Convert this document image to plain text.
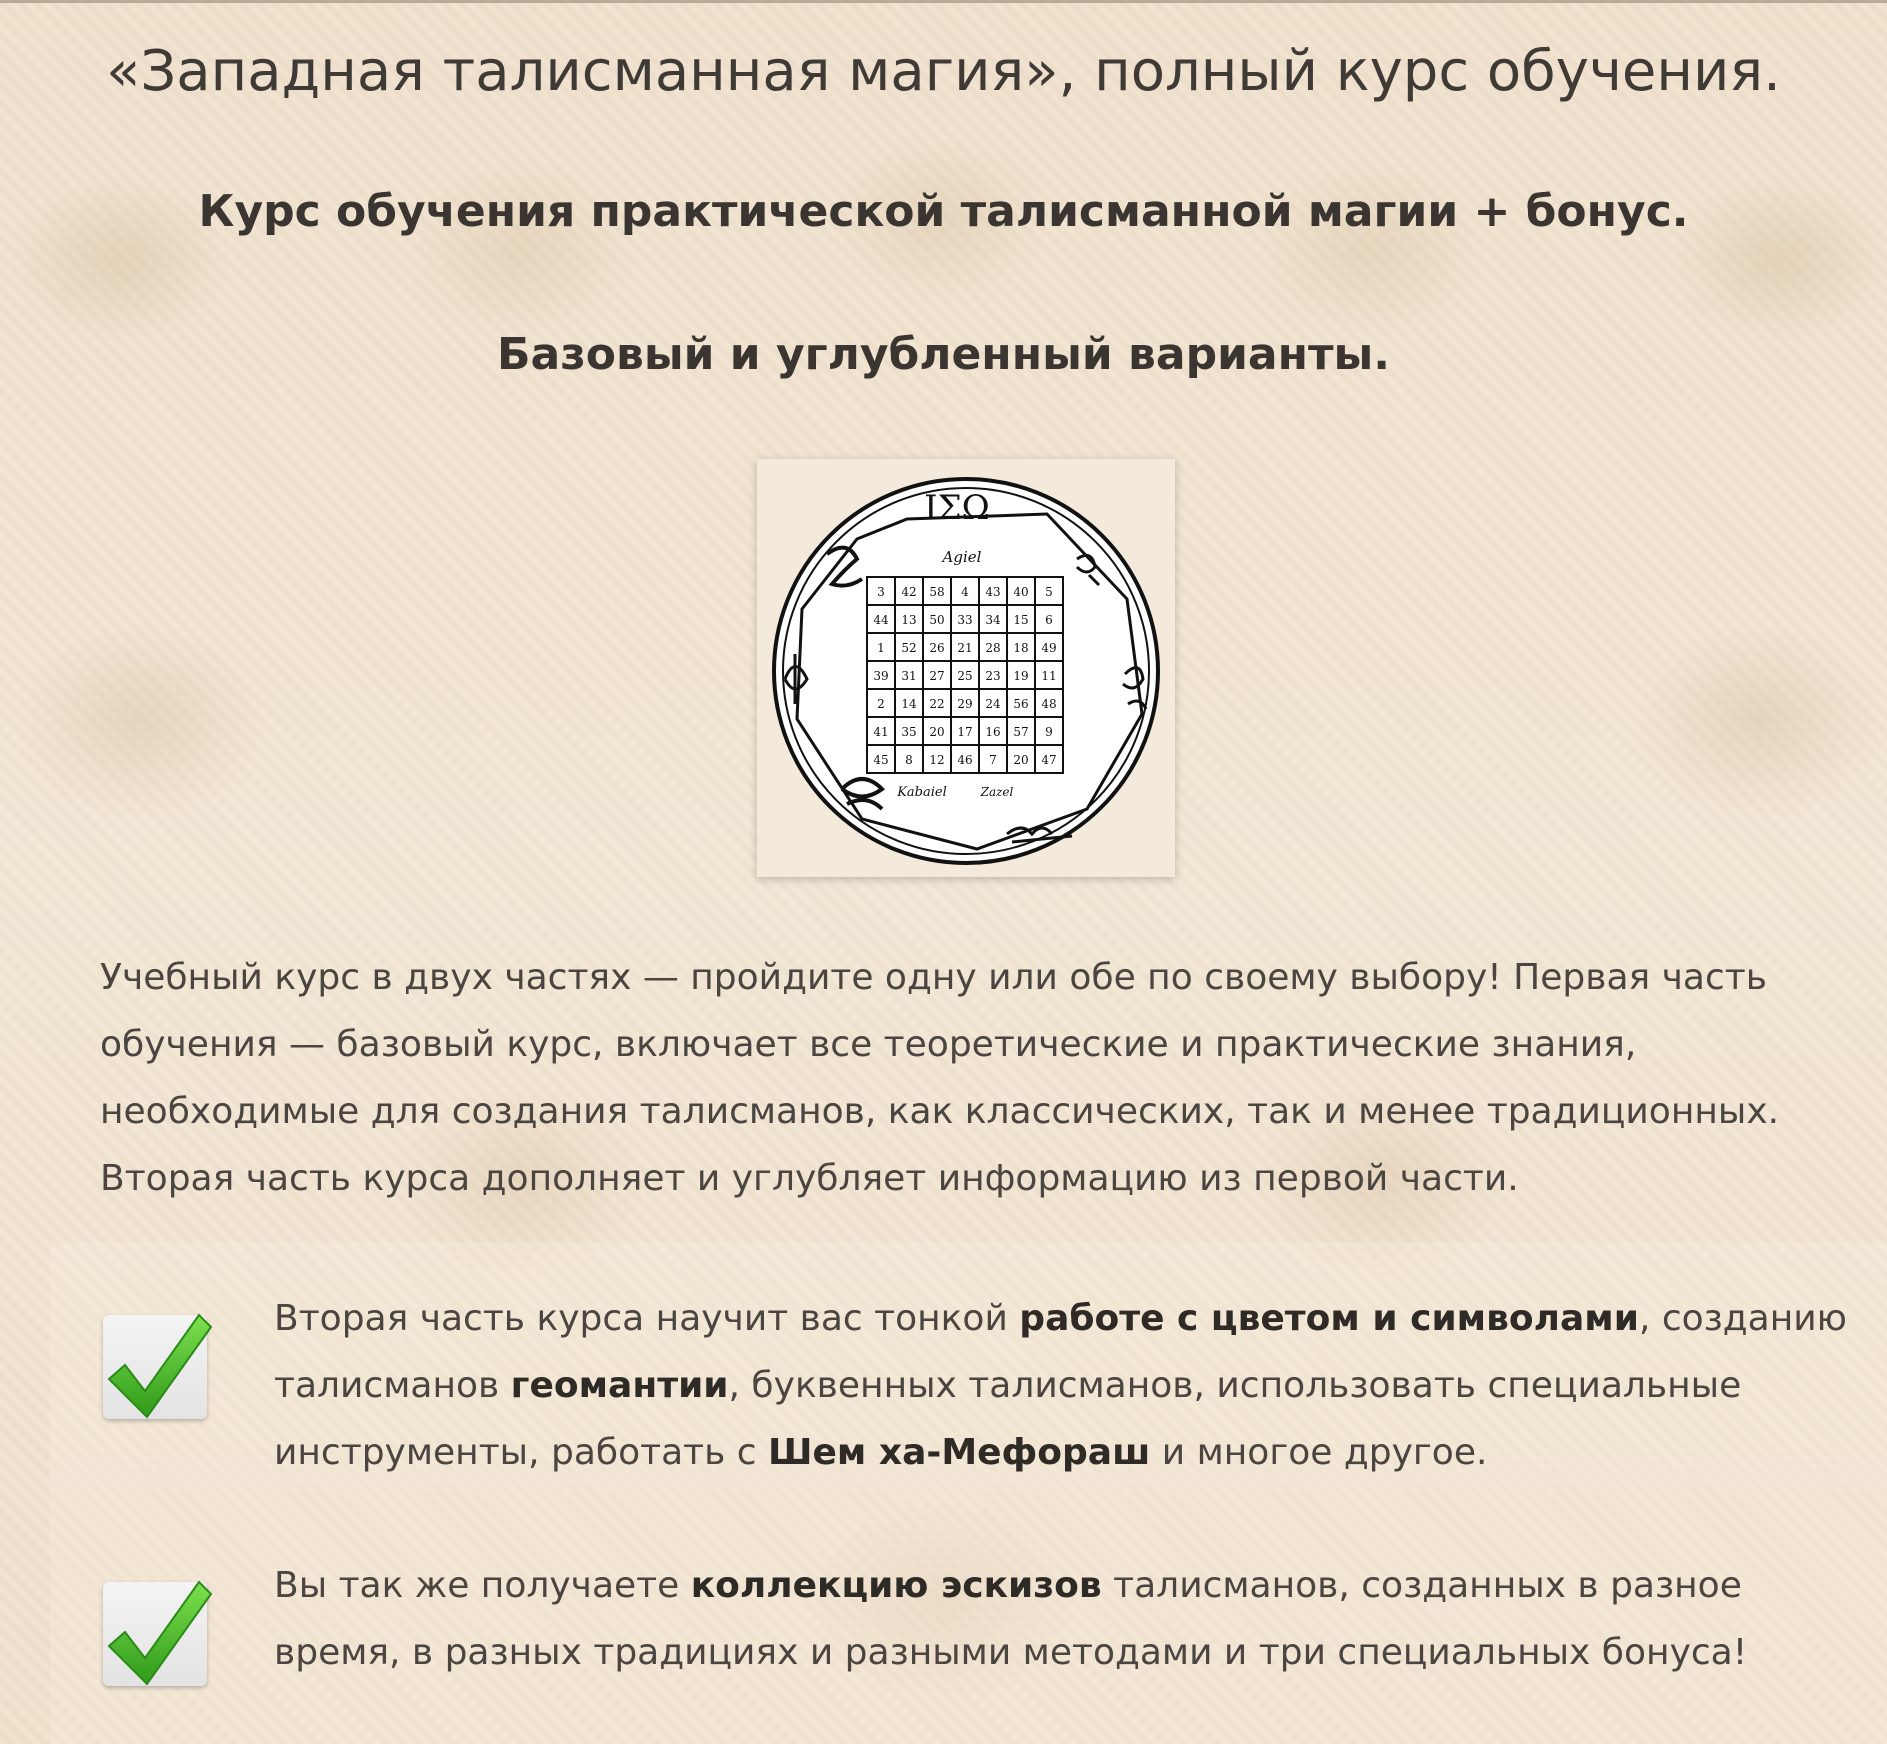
«Западная талисманная магия», полный курс обучения.
Курс обучения практической талисманной магии + бонус.
Базовый и углубленный варианты.
ΙΣΩ
Agiel
3 42 58 4 43 40 5
44 13 50 33 34 15 6
1 52 26 21 28 18 49
39 31 27 25 23 19 11
2 14 22 29 24 56 48
41 35 20 17 16 57 9
45 8 12 46 7 20 47
Kabaiel	Zazel

Учебный курс в двух частях — пройдите одну или обе по своему выбору! Первая часть обучения — базовый курс, включает все теоретические и практические знания, необходимые для создания талисманов, как классических, так и менее традиционных. Вторая часть курса дополняет и углубляет информацию из первой части.

Вторая часть курса научит вас тонкой работе с цветом и символами, созданию талисманов геомантии, буквенных талисманов, использовать специальные инструменты, работать с Шем ха-Мефораш и многое другое.

Вы так же получаете коллекцию эскизов талисманов, созданных в разное время, в разных традициях и разными методами и три специальных бонуса!
